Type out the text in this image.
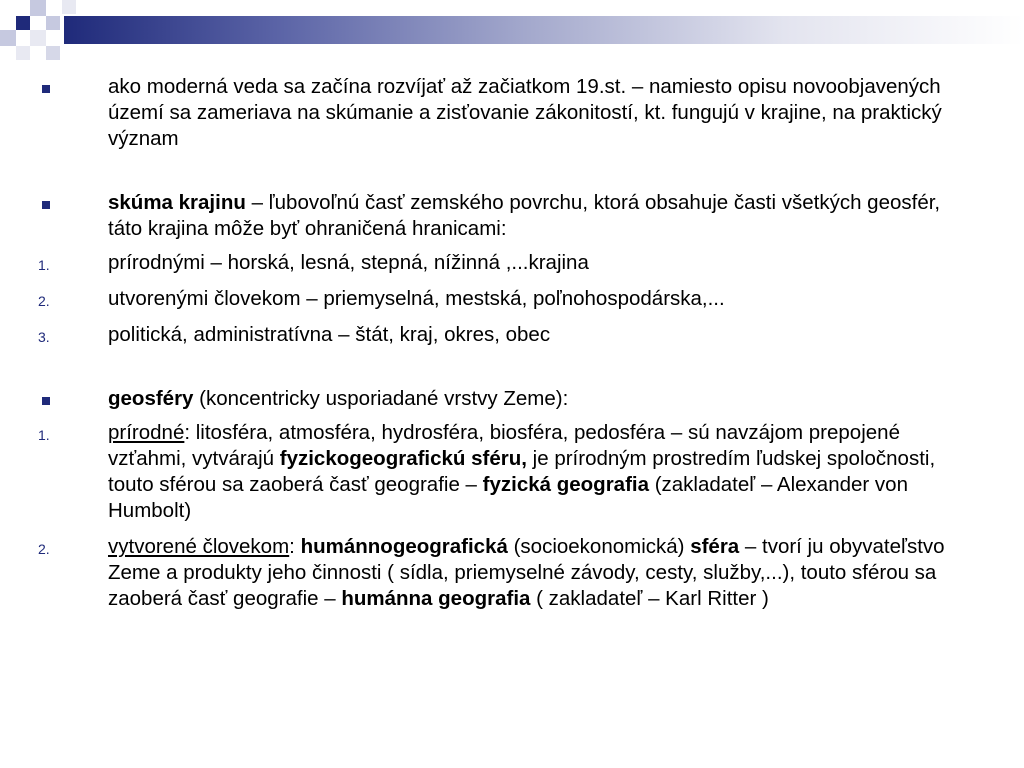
ako moderná veda sa začína rozvíjať až začiatkom 19.st. – namiesto opisu novoobjavených území sa zameriava na skúmanie a zisťovanie zákonitostí, kt. fungujú v krajine, na praktický význam
skúma krajinu – ľubovoľnú časť zemského povrchu, ktorá obsahuje časti všetkých geosfér, táto krajina môže byť ohraničená hranicami:
1.	prírodnými – horská, lesná, stepná, nížinná ,...krajina
2.	utvorenými človekom – priemyselná, mestská, poľnohospodárska,...
3.	politická, administratívna – štát, kraj, okres, obec
geosféry (koncentricky usporiadané vrstvy Zeme):
1.	prírodné: litosféra, atmosféra, hydrosféra, biosféra, pedosféra – sú navzájom prepojené vzťahmi, vytvárajú fyzickogeografickú sféru, je prírodným prostredím ľudskej spoločnosti, touto sférou sa zaoberá časť geografie – fyzická geografia (zakladateľ – Alexander von Humbolt)
2.	vytvorené človekom: humánnogeografická (socioekonomická) sféra – tvorí ju obyvateľstvo Zeme a produkty jeho činnosti ( sídla, priemyselné závody, cesty, služby,...), touto sférou sa zaoberá časť geografie – humánna geografia ( zakladateľ – Karl Ritter )
